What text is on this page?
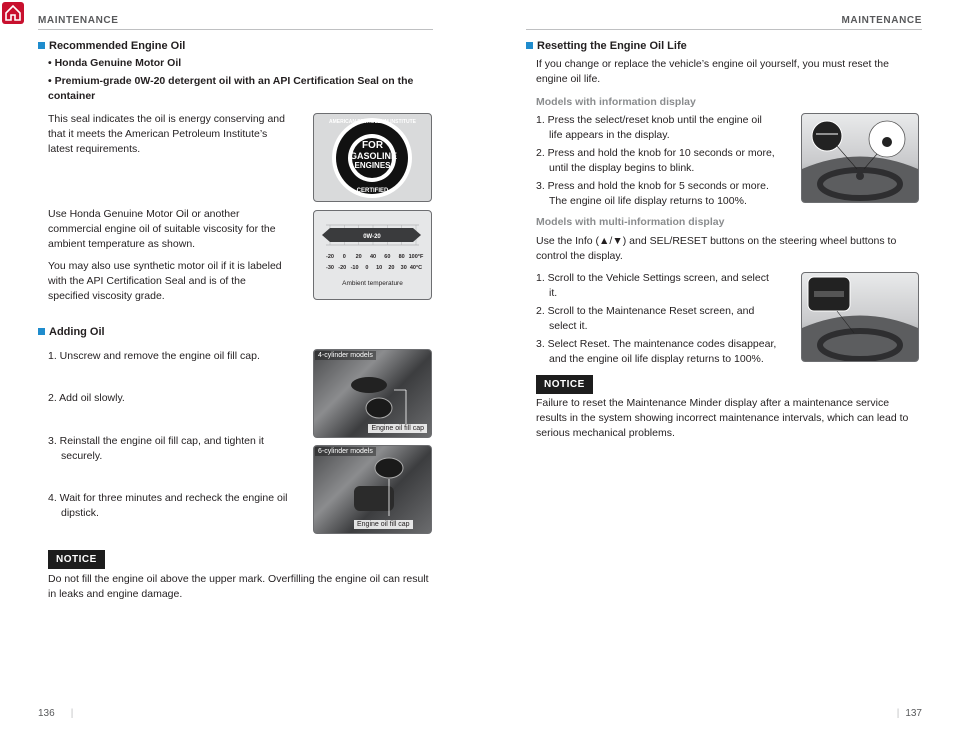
MAINTENANCE
Recommended Engine Oil
• Honda Genuine Motor Oil
• Premium-grade 0W-20 detergent oil with an API Certification Seal on the container
This seal indicates the oil is energy conserving and
that it meets the American Petroleum Institute’s
latest requirements.
AMERICAN PETROLEUM INSTITUTE
CERTIFIED
FOR
GASOLINE
ENGINES
Use Honda Genuine Motor Oil or another
commercial engine oil of suitable viscosity for the
ambient temperature as shown.
You may also use synthetic motor oil if it is labeled
with the API Certification Seal and is of the
specified viscosity grade.
0W-20
-20 0 20 40 60 80 100°F
-30 -20 -10 0 10 20 30 40°C
Ambient temperature
Adding Oil
1. Unscrew and remove the engine oil fill cap.
2. Add oil slowly.
3. Reinstall the engine oil fill cap, and tighten it
securely.
4. Wait for three minutes and recheck the engine oil
dipstick.
4-cylinder models
Engine oil fill cap
6-cylinder models
Engine oil fill cap
NOTICE
Do not fill the engine oil above the upper mark. Overfilling the engine oil can result
in leaks and engine damage.
136 |
MAINTENANCE
Resetting the Engine Oil Life
If you change or replace the vehicle’s engine oil yourself, you must reset the
engine oil life.
Models with information display
1. Press the select/reset knob until the engine oil
life appears in the display.
2. Press and hold the knob for 10 seconds or more,
until the display begins to blink.
3. Press and hold the knob for 5 seconds or more.
The engine oil life display returns to 100%.
Models with multi-information display
Use the Info (▲/▼) and SEL/RESET buttons on the steering wheel buttons to
control the display.
1. Scroll to the Vehicle Settings screen, and select
it.
2. Scroll to the Maintenance Reset screen, and
select it.
3. Select Reset. The maintenance codes disappear,
and the engine oil life display returns to 100%.
NOTICE
Failure to reset the Maintenance Minder display after a maintenance service
results in the system showing incorrect maintenance intervals, which can lead to
serious mechanical problems.
| 137
